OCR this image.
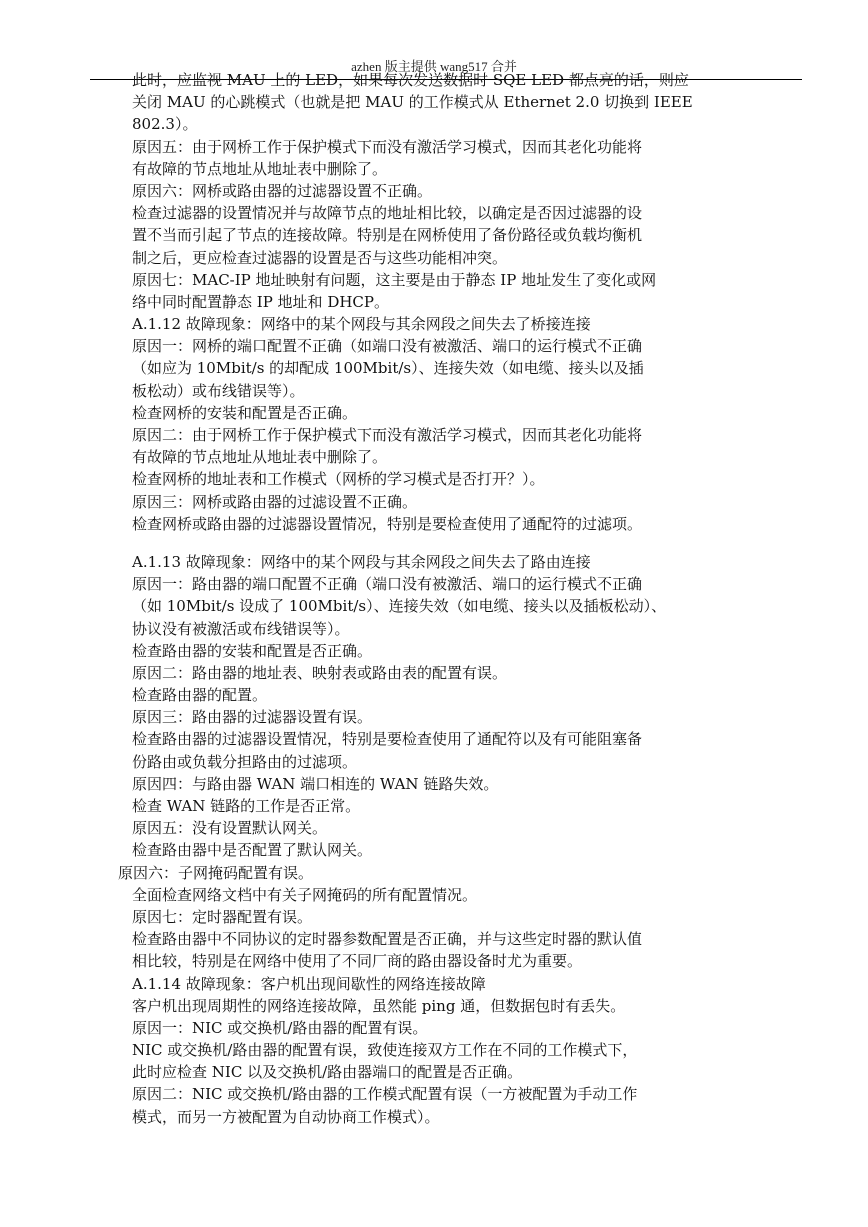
azhen 版主提供 wang517 合并
此时，应监视 MAU 上的 LED，如果每次发送数据时 SQE LED 都点亮的话，则应
关闭 MAU 的心跳模式（也就是把 MAU 的工作模式从 Ethernet 2.0 切换到 IEEE
802.3）。
原因五：由于网桥工作于保护模式下而没有激活学习模式，因而其老化功能将
有故障的节点地址从地址表中删除了。
原因六：网桥或路由器的过滤器设置不正确。
检查过滤器的设置情况并与故障节点的地址相比较，以确定是否因过滤器的设
置不当而引起了节点的连接故障。特别是在网桥使用了备份路径或负载均衡机
制之后，更应检查过滤器的设置是否与这些功能相冲突。
原因七：MAC-IP 地址映射有问题，这主要是由于静态 IP 地址发生了变化或网
络中同时配置静态 IP 地址和 DHCP。
A.1.12 故障现象：网络中的某个网段与其余网段之间失去了桥接连接
原因一：网桥的端口配置不正确（如端口没有被激活、端口的运行模式不正确
（如应为 10Mbit/s 的却配成 100Mbit/s）、连接失效（如电缆、接头以及插
板松动）或布线错误等）。
检查网桥的安装和配置是否正确。
原因二：由于网桥工作于保护模式下而没有激活学习模式，因而其老化功能将
有故障的节点地址从地址表中删除了。
检查网桥的地址表和工作模式（网桥的学习模式是否打开？）。
原因三：网桥或路由器的过滤设置不正确。
检查网桥或路由器的过滤器设置情况，特别是要检查使用了通配符的过滤项。
A.1.13 故障现象：网络中的某个网段与其余网段之间失去了路由连接
原因一：路由器的端口配置不正确（端口没有被激活、端口的运行模式不正确
（如 10Mbit/s 设成了 100Mbit/s）、连接失效（如电缆、接头以及插板松动）、
协议没有被激活或布线错误等）。
检查路由器的安装和配置是否正确。
原因二：路由器的地址表、映射表或路由表的配置有误。
检查路由器的配置。
原因三：路由器的过滤器设置有误。
检查路由器的过滤器设置情况，特别是要检查使用了通配符以及有可能阻塞备
份路由或负载分担路由的过滤项。
原因四：与路由器 WAN 端口相连的 WAN 链路失效。
检查 WAN 链路的工作是否正常。
原因五：没有设置默认网关。
检查路由器中是否配置了默认网关。
原因六：子网掩码配置有误。
全面检查网络文档中有关子网掩码的所有配置情况。
原因七：定时器配置有误。
检查路由器中不同协议的定时器参数配置是否正确，并与这些定时器的默认值
相比较，特别是在网络中使用了不同厂商的路由器设备时尤为重要。
A.1.14 故障现象：客户机出现间歇性的网络连接故障
客户机出现周期性的网络连接故障，虽然能 ping 通，但数据包时有丢失。
原因一：NIC 或交换机/路由器的配置有误。
NIC 或交换机/路由器的配置有误，致使连接双方工作在不同的工作模式下，
此时应检查 NIC 以及交换机/路由器端口的配置是否正确。
原因二：NIC 或交换机/路由器的工作模式配置有误（一方被配置为手动工作
模式，而另一方被配置为自动协商工作模式）。
